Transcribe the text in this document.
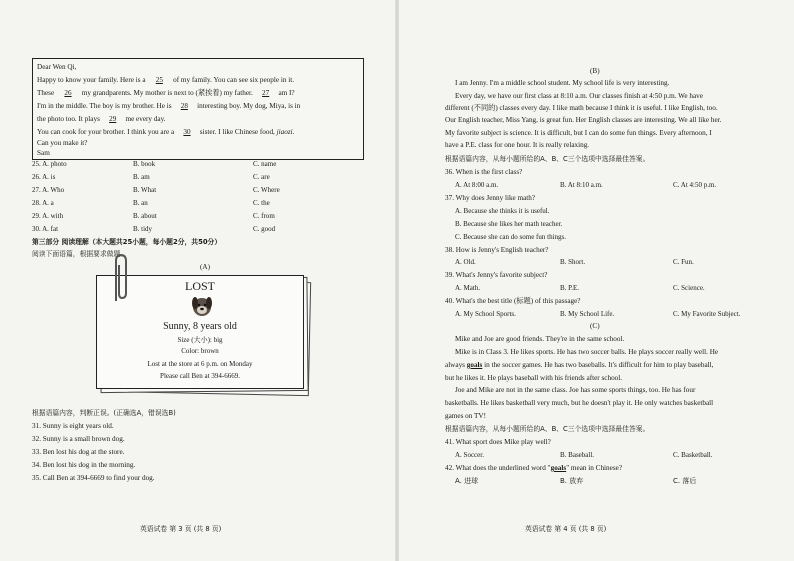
Dear Wen Qi,
Happy to know your family. Here is a 25 of my family. You can see six people in it.
These 26 my grandparents. My mother is next to (紧挨着) my father. 27 am I?
I'm in the middle. The boy is my brother. He is 28 interesting boy. My dog, Miya, is in
the photo too. It plays 29 me every day.
You can cook for your brother. I think you are a 30 sister. I like Chinese food, jiaozi.
Can you make it?
Sam
25. A. photo	B. book	C. name
26. A. is	B. am	C. are
27. A. Who	B. What	C. Where
28. A. a	B. an	C. the
29. A. with	B. about	C. from
30. A. fat	B. tidy	C. good
第三部分 阅读理解（本大题共25小题，每小题2分，共50分）
阅读下面语篇，根据要求做题。
(A)
LOST
Sunny, 8 years old
Size (大小): big
Color: brown
Lost at the store at 6 p.m. on Monday
Please call Ben at 394-6669.
根据语篇内容，判断正误。(正确选A，错误选B)
31. Sunny is eight years old.
32. Sunny is a small brown dog.
33. Ben lost his dog at the store.
34. Ben lost his dog in the morning.
35. Call Ben at 394-6669 to find your dog.
英语试卷 第 3 页 (共 8 页)
(B)
I am Jenny. I'm a middle school student. My school life is very interesting.
Every day, we have our first class at 8:10 a.m. Our classes finish at 4:50 p.m. We have
different (不同的) classes every day. I like math because I think it is useful. I like English, too.
Our English teacher, Miss Yang, is great fun. Her English classes are interesting. We all like her.
My favorite subject is science. It is difficult, but I can do some fun things. Every afternoon, I
have a P.E. class for one hour. It is really relaxing.
根据语篇内容，从每小题所给的A、B、C三个选项中选择最佳答案。
36. When is the first class?
A. At 8:00 a.m.	B. At 8:10 a.m.	C. At 4:50 p.m.
37. Why does Jenny like math?
A. Because she thinks it is useful.
B. Because she likes her math teacher.
C. Because she can do some fun things.
38. How is Jenny's English teacher?
A. Old.	B. Short.	C. Fun.
39. What's Jenny's favorite subject?
A. Math.	B. P.E.	C. Science.
40. What's the best title (标题) of this passage?
A. My School Sports.	B. My School Life.	C. My Favorite Subject.
(C)
Mike and Joe are good friends. They're in the same school.
Mike is in Class 3. He likes sports. He has two soccer balls. He plays soccer really well. He
always goals in the soccer games. He has two baseballs. It's difficult for him to play baseball,
but he likes it. He plays baseball with his friends after school.
Joe and Mike are not in the same class. Joe has some sports things, too. He has four
basketballs. He likes basketball very much, but he doesn't play it. He only watches basketball
games on TV!
根据语篇内容，从每小题所给的A、B、C三个选项中选择最佳答案。
41. What sport does Mike play well?
A. Soccer.	B. Baseball.	C. Basketball.
42. What does the underlined word "goals" mean in Chinese?
A. 进球	B. 放弃	C. 落后
英语试卷 第 4 页 (共 8 页)
